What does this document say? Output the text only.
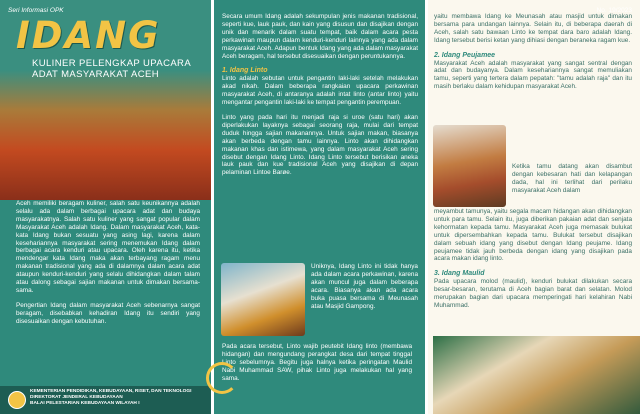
Seri Informasi OPK	No. 19/2023
IDANG
KULINER PELENGKAP UPACARA ADAT MASYARAKAT ACEH

Aceh memiliki beragam kuliner, salah satu keunikannya adalah selalu ada dalam berbagai upacara adat dan budaya masyarakatnya. Salah satu kuliner yang sangat popular dalam Masyarakat Aceh adalah Idang. Dalam masyarakat Aceh, kata-kata Idang bukan sesuatu yang asing lagi, karena dalam kesehariannya masyarakat sering menemukan Idang dalam berbagai acara kenduri atau upacara. Oleh karena itu, ketika mendengar kata Idang maka akan terbayang ragam menu makanan tradisional yang ada di dalamnya dalam acara adat ataupun kenduri-kenduri yang selalu dihidangkan dalam talam atau dalong sebagai sajian makanan untuk dimakan bersama-sama.

Pengertian Idang dalam masyarakat Aceh sebenarnya sangat beragam, disebabkan kehadiran Idang itu sendiri yang disesuaikan dengan kebutuhan.

KEMENTERIAN PENDIDIKAN, KEBUDAYAAN, RISET, DAN TEKNOLOGI
DIREKTORAT JENDERAL KEBUDAYAAN
BALAI PELESTARIAN KEBUDAYAAN WILAYAH I

Secara umum Idang adalah sekumpulan jenis makanan tradisional, seperti kue, lauk pauk, dan kain yang disusun dan disajikan dengan unik dan menarik dalam suatu tempat, baik dalam acara pesta perkawinan maupun dalam kenduri-kenduri lainnya yang ada dalam masyarakat Aceh. Adapun bentuk Idang yang ada dalam masyarakat Aceh beragam, hal tersebut disesuaikan dengan peruntukannya.

1. Idang Linto

Linto adalah sebutan untuk pengantin laki-laki setelah melakukan akad nikah. Dalam beberapa rangkaian upacara perkawinan masyarakat Aceh, di antaranya adalah intat linto (antar linto) yaitu mengantar pengantin laki-laki ke tempat pengantin perempuan.

Linto yang pada hari itu menjadi raja si uroe (satu hari) akan diperlakukan layaknya sebagai seorang raja, mulai dari tempat duduk hingga sajian makanannya. Untuk sajian makan, biasanya akan berbeda dengan tamu lainnya. Linto akan dihidangkan makanan khas dan istimewa, yang dalam masyarakat Aceh sering disebut dengan Idang Linto. Idang Linto tersebut berisikan aneka lauk pauk dan kue tradisional Aceh yang disajikan di depan pelaminan Lintoe Barøe.

Uniknya, Idang Linto ini tidak hanya ada dalam acara perkawinan, karena akan muncul juga dalam beberapa acara. Biasanya akan ada acara buka puasa bersama di Meunasah atau Masjid Gampong.
Pada acara tersebut, Linto wajib peutebit Idang linto (membawa hidangan) dan mengundang perangkat desa dari tempat tinggal Linto sebelumnya. Begitu juga halnya ketika peringatan Maulid Nabi Muhammad SAW, pihak Linto juga melakukan hal yang sama.

yaitu membawa Idang ke Meunasah atau masjid untuk dimakan bersama para undangan lainnya. Selain itu, di beberapa daerah di Aceh, salah satu bawaan Linto ke tempat dara baro adalah Idang. Idang tersebut berisi ketan yang dihiasi dengan beraneka ragam kue.

2. Idang Peujamee

Masyarakat Aceh adalah masyarakat yang sangat sentral dengan adat dan budayanya. Dalam kesehariannya sangat memuliakan tamu, seperti yang tertera dalam pepatah: "tamu adalah raja" dan itu masih berlaku dalam kehidupan masyarakat Aceh.

Ketika tamu datang akan disambut dengan kebesaran hati dan kelapangan dada, hal ini terlihat dari perilaku masyarakat Aceh dalam

meyambut tamunya, yaitu segala macam hidangan akan dihidangkan untuk para tamu. Selain itu, juga diberikan pakaian adat dan senjata kehormatan kepada tamu. Masyarakat Aceh juga memasak bulukat untuk dipersembahkan kepada tamu. Bulukat tersebut disajikan dalam sebuah idang yang disebut dengan Idang peujame. Idang peujamee tidak jauh berbeda dengan idang yang disajikan pada acara makan idang linto.

3. Idang Maulid

Pada upacara molod (maulid), kenduri bulukat dilakukan secara besar-besaran, terutama di Aceh bagian barat dan selatan. Molod merupakan bagian dari upacara memperingati hari kelahiran Nabi Muhammad.
